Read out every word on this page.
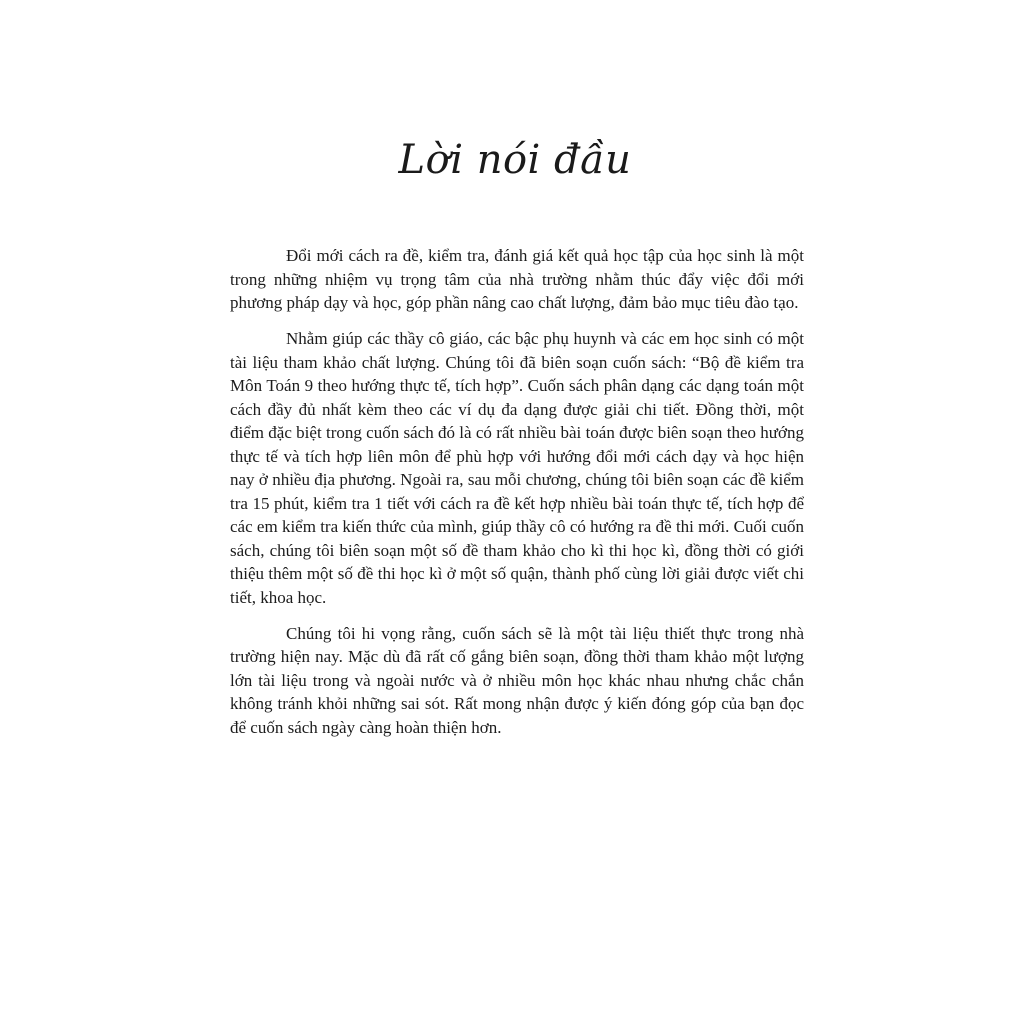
Lời nói đầu

Đổi mới cách ra đề, kiểm tra, đánh giá kết quả học tập của học sinh là một trong những nhiệm vụ trọng tâm của nhà trường nhằm thúc đẩy việc đổi mới phương pháp dạy và học, góp phần nâng cao chất lượng, đảm bảo mục tiêu đào tạo.

Nhằm giúp các thầy cô giáo, các bậc phụ huynh và các em học sinh có một tài liệu tham khảo chất lượng. Chúng tôi đã biên soạn cuốn sách: “Bộ đề kiểm tra Môn Toán 9 theo hướng thực tế, tích hợp”. Cuốn sách phân dạng các dạng toán một cách đầy đủ nhất kèm theo các ví dụ đa dạng được giải chi tiết. Đồng thời, một điểm đặc biệt trong cuốn sách đó là có rất nhiều bài toán được biên soạn theo hướng thực tế và tích hợp liên môn để phù hợp với hướng đổi mới cách dạy và học hiện nay ở nhiều địa phương. Ngoài ra, sau mỗi chương, chúng tôi biên soạn các đề kiểm tra 15 phút, kiểm tra 1 tiết với cách ra đề kết hợp nhiều bài toán thực tế, tích hợp để các em kiểm tra kiến thức của mình, giúp thầy cô có hướng ra đề thi mới. Cuối cuốn sách, chúng tôi biên soạn một số đề tham khảo cho kì thi học kì, đồng thời có giới thiệu thêm một số đề thi học kì ở một số quận, thành phố cùng lời giải được viết chi tiết, khoa học.

Chúng tôi hi vọng rằng, cuốn sách sẽ là một tài liệu thiết thực trong nhà trường hiện nay. Mặc dù đã rất cố gắng biên soạn, đồng thời tham khảo một lượng lớn tài liệu trong và ngoài nước và ở nhiều môn học khác nhau nhưng chắc chắn không tránh khỏi những sai sót. Rất mong nhận được ý kiến đóng góp của bạn đọc để cuốn sách ngày càng hoàn thiện hơn.
